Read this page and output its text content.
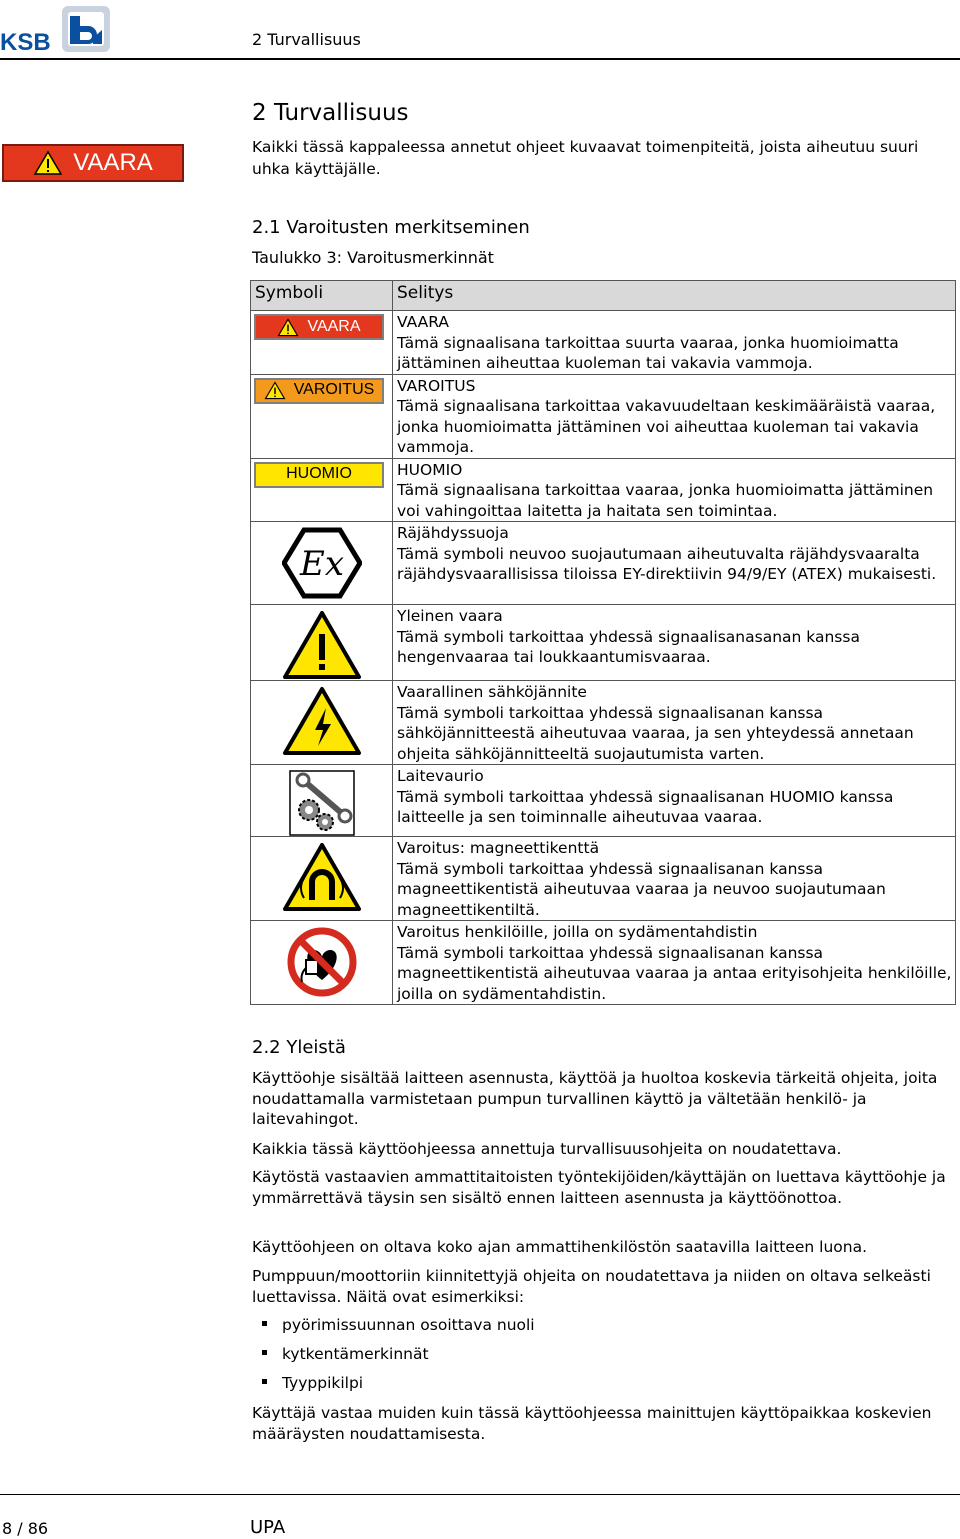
KSB	2 Turvallisuus
VAARA
2 Turvallisuus
Kaikki tässä kappaleessa annetut ohjeet kuvaavat toimenpiteitä, joista aiheutuu suuri uhka käyttäjälle.
2.1 Varoitusten merkitseminen
Taulukko 3: Varoitusmerkinnät
Symboli	Selitys

VAARA	VAARA
Tämä signaalisana tarkoittaa suurta vaaraa, jonka huomioimatta jättäminen aiheuttaa kuoleman tai vakavia vammoja.

VAROITUS	VAROITUS
Tämä signaalisana tarkoittaa vakavuudeltaan keskimääräistä vaaraa, jonka huomioimatta jättäminen voi aiheuttaa kuoleman tai vakavia vammoja.

HUOMIO	HUOMIO
Tämä signaalisana tarkoittaa vaaraa, jonka huomioimatta jättäminen voi vahingoittaa laitetta ja haitata sen toimintaa.

Ex	Räjähdyssuoja
Tämä symboli neuvoo suojautumaan aiheutuvalta räjähdysvaaralta räjähdysvaarallisissa tiloissa EY-direktiivin 94/9/EY (ATEX) mukaisesti.

Yleinen vaara
Tämä symboli tarkoittaa yhdessä signaalisanasanan kanssa hengenvaaraa tai loukkaantumisvaaraa.

Vaarallinen sähköjännite
Tämä symboli tarkoittaa yhdessä signaalisanan kanssa sähköjännitteestä aiheutuvaa vaaraa, ja sen yhteydessä annetaan ohjeita sähköjännitteeltä suojautumista varten.

Laitevaurio
Tämä symboli tarkoittaa yhdessä signaalisanan HUOMIO kanssa laitteelle ja sen toiminnalle aiheutuvaa vaaraa.

Varoitus: magneettikenttä
Tämä symboli tarkoittaa yhdessä signaalisanan kanssa magneettikentistä aiheutuvaa vaaraa ja neuvoo suojautumaan magneettikentiltä.

Varoitus henkilöille, joilla on sydämentahdistin
Tämä symboli tarkoittaa yhdessä signaalisanan kanssa magneettikentistä aiheutuvaa vaaraa ja antaa erityisohjeita henkilöille, joilla on sydämentahdistin.
2.2 Yleistä

Käyttöohje sisältää laitteen asennusta, käyttöä ja huoltoa koskevia tärkeitä ohjeita, joita noudattamalla varmistetaan pumpun turvallinen käyttö ja vältetään henkilö- ja laitevahingot.

Kaikkia tässä käyttöohjeessa annettuja turvallisuusohjeita on noudatettava.

Käytöstä vastaavien ammattitaitoisten työntekijöiden/käyttäjän on luettava käyttöohje ja ymmärrettävä täysin sen sisältö ennen laitteen asennusta ja käyttöönottoa.

Käyttöohjeen on oltava koko ajan ammattihenkilöstön saatavilla laitteen luona.

Pumppuun/moottoriin kiinnitettyjä ohjeita on noudatettava ja niiden on oltava selkeästi luettavissa. Näitä ovat esimerkiksi:

pyörimissuunnan osoittava nuoli
kytkentämerkinnät
Tyyppikilpi

Käyttäjä vastaa muiden kuin tässä käyttöohjeessa mainittujen käyttöpaikkaa koskevien määräysten noudattamisesta.

8 / 86	UPA
